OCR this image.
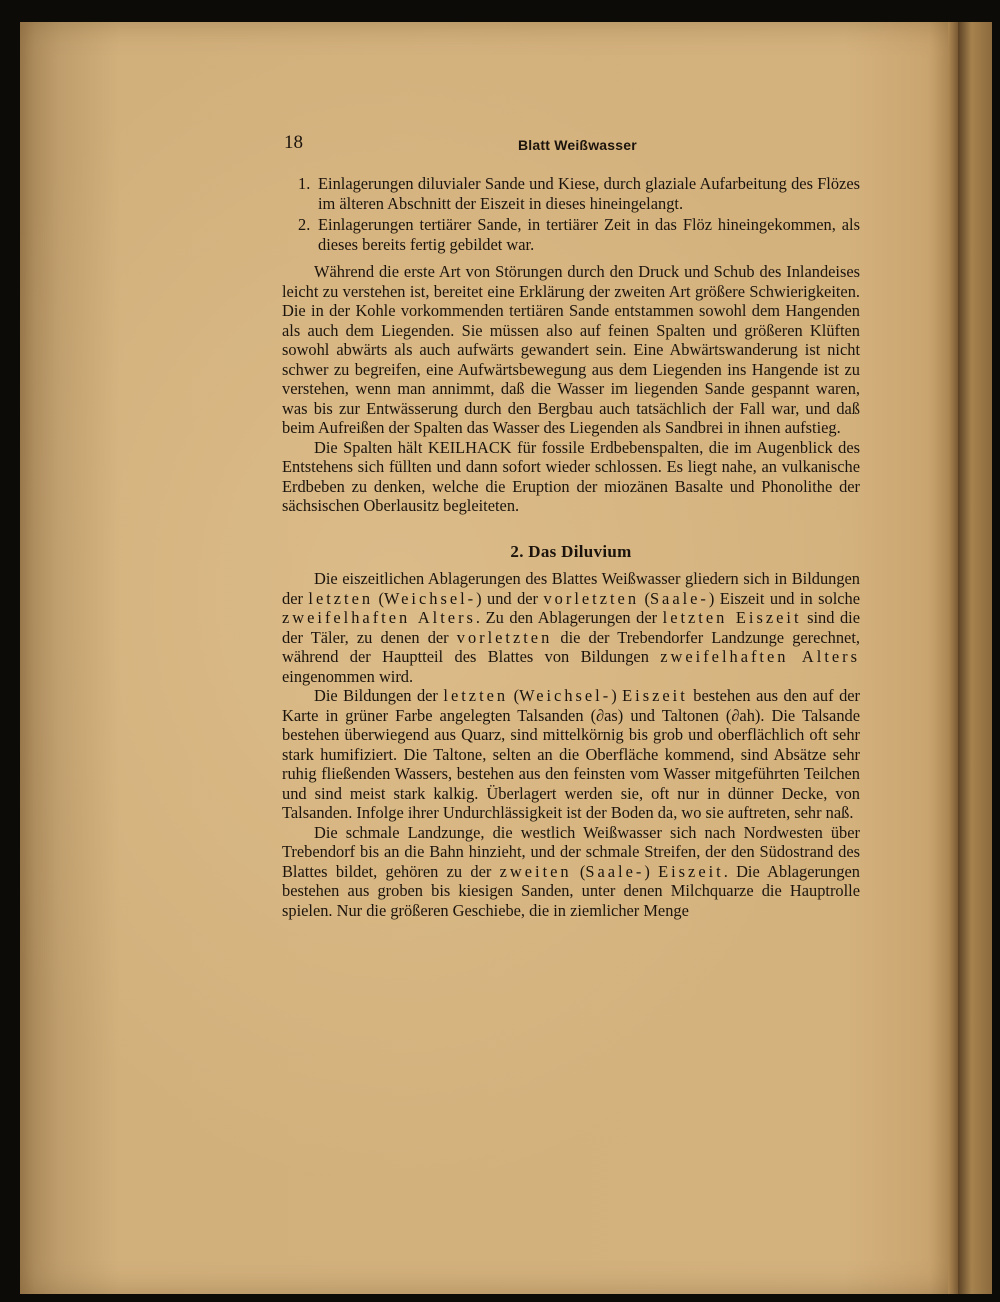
18	Blatt Weißwasser
1. Einlagerungen diluvialer Sande und Kiese, durch glaziale Aufarbeitung des Flözes im älteren Abschnitt der Eiszeit in dieses hineingelangt.
2. Einlagerungen tertiärer Sande, in tertiärer Zeit in das Flöz hineingekommen, als dieses bereits fertig gebildet war.

Während die erste Art von Störungen durch den Druck und Schub des Inlandeises leicht zu verstehen ist, bereitet eine Erklärung der zweiten Art größere Schwierigkeiten. Die in der Kohle vorkommenden tertiären Sande entstammen sowohl dem Hangenden als auch dem Liegenden. Sie müssen also auf feinen Spalten und größeren Klüften sowohl abwärts als auch aufwärts gewandert sein. Eine Abwärtswanderung ist nicht schwer zu begreifen, eine Aufwärtsbewegung aus dem Liegenden ins Hangende ist zu verstehen, wenn man annimmt, daß die Wasser im liegenden Sande gespannt waren, was bis zur Entwässerung durch den Bergbau auch tatsächlich der Fall war, und daß beim Aufreißen der Spalten das Wasser des Liegenden als Sandbrei in ihnen aufstieg.

Die Spalten hält KEILHACK für fossile Erdbebenspalten, die im Augenblick des Entstehens sich füllten und dann sofort wieder schlossen. Es liegt nahe, an vulkanische Erdbeben zu denken, welche die Eruption der miozänen Basalte und Phonolithe der sächsischen Oberlausitz begleiteten.

2. Das Diluvium

Die eiszeitlichen Ablagerungen des Blattes Weißwasser gliedern sich in Bildungen der letzten (Weichsel-) und der vorletzten (Saale-) Eiszeit und in solche zweifelhaften Alters. Zu den Ablagerungen der letzten Eiszeit sind die der Täler, zu denen der vorletzten die der Trebendorfer Landzunge gerechnet, während der Hauptteil des Blattes von Bildungen zweifelhaften Alters eingenommen wird.

Die Bildungen der letzten (Weichsel-) Eiszeit bestehen aus den auf der Karte in grüner Farbe angelegten Talsanden (∂as) und Taltonen (∂ah). Die Talsande bestehen überwiegend aus Quarz, sind mittelkörnig bis grob und oberflächlich oft sehr stark humifiziert. Die Taltone, selten an die Oberfläche kommend, sind Absätze sehr ruhig fließenden Wassers, bestehen aus den feinsten vom Wasser mitgeführten Teilchen und sind meist stark kalkig. Überlagert werden sie, oft nur in dünner Decke, von Talsanden. Infolge ihrer Undurchlässigkeit ist der Boden da, wo sie auftreten, sehr naß.

Die schmale Landzunge, die westlich Weißwasser sich nach Nordwesten über Trebendorf bis an die Bahn hinzieht, und der schmale Streifen, der den Südostrand des Blattes bildet, gehören zu der zweiten (Saale-) Eiszeit. Die Ablagerungen bestehen aus groben bis kiesigen Sanden, unter denen Milchquarze die Hauptrolle spielen. Nur die größeren Geschiebe, die in ziemlicher Menge
